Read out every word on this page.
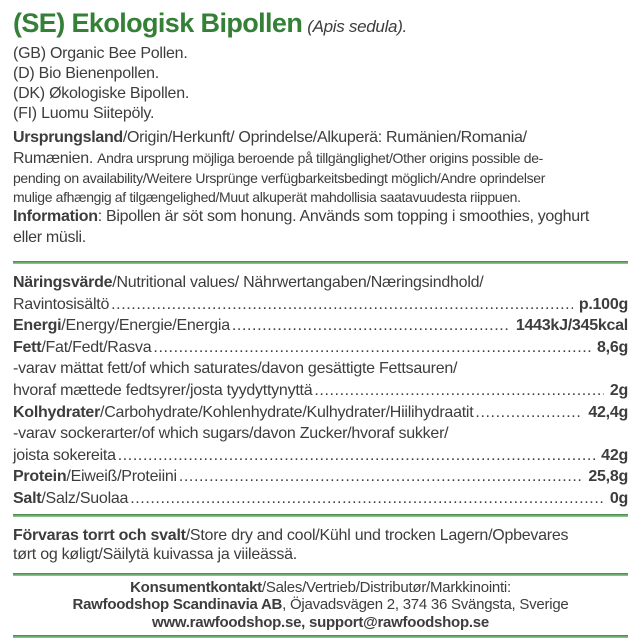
(SE) Ekologisk Bipollen (Apis sedula).
(GB) Organic Bee Pollen.
(D) Bio Bienenpollen.
(DK) Økologiske Bipollen.
(FI) Luomu Siitepöly.
Ursprungsland/Origin/Herkunft/ Oprindelse/Alkuperä: Rumänien/Romania/
Rumænien. Andra ursprung möjliga beroende på tillgänglighet/Other origins possible de-
pending on availability/Weitere Ursprünge verfügbarkeitsbedingt möglich/Andre oprindelser
mulige afhængig af tilgængelighed/Muut alkuperät mahdollisia saatavuudesta riippuen.
Information: Bipollen är söt som honung. Används som topping i smoothies, yoghurt
eller müsli.
Näringsvärde/Nutritional values/ Nährwertangaben/Næringsindhold/
Ravintosisältö .....	p.100g
Energi/Energy/Energie/Energia .....	1443kJ/345kcal
Fett/Fat/Fedt/Rasva .....	8,6g
-varav mättat fett/of which saturates/davon gesättigte Fettsauren/
hvoraf mættede fedtsyrer/josta tyydyttynyttä .....	2g
Kolhydrater/Carbohydrate/Kohlenhydrate/Kulhydrater/Hiilihydraatit .....	42,4g
-varav sockerarter/of which sugars/davon Zucker/hvoraf sukker/
joista sokereita .....	42g
Protein/Eiweiß/Proteiini .....	25,8g
Salt/Salz/Suolaa .....	0g
Förvaras torrt och svalt/Store dry and cool/Kühl und trocken Lagern/Opbevares
tørt og køligt/Säilytä kuivassa ja viileässä.
Konsumentkontakt/Sales/Vertrieb/Distributør/Markkinointi:
Rawfoodshop Scandinavia AB, Öjavadsvägen 2, 374 36 Svängsta, Sverige
www.rawfoodshop.se, support@rawfoodshop.se
